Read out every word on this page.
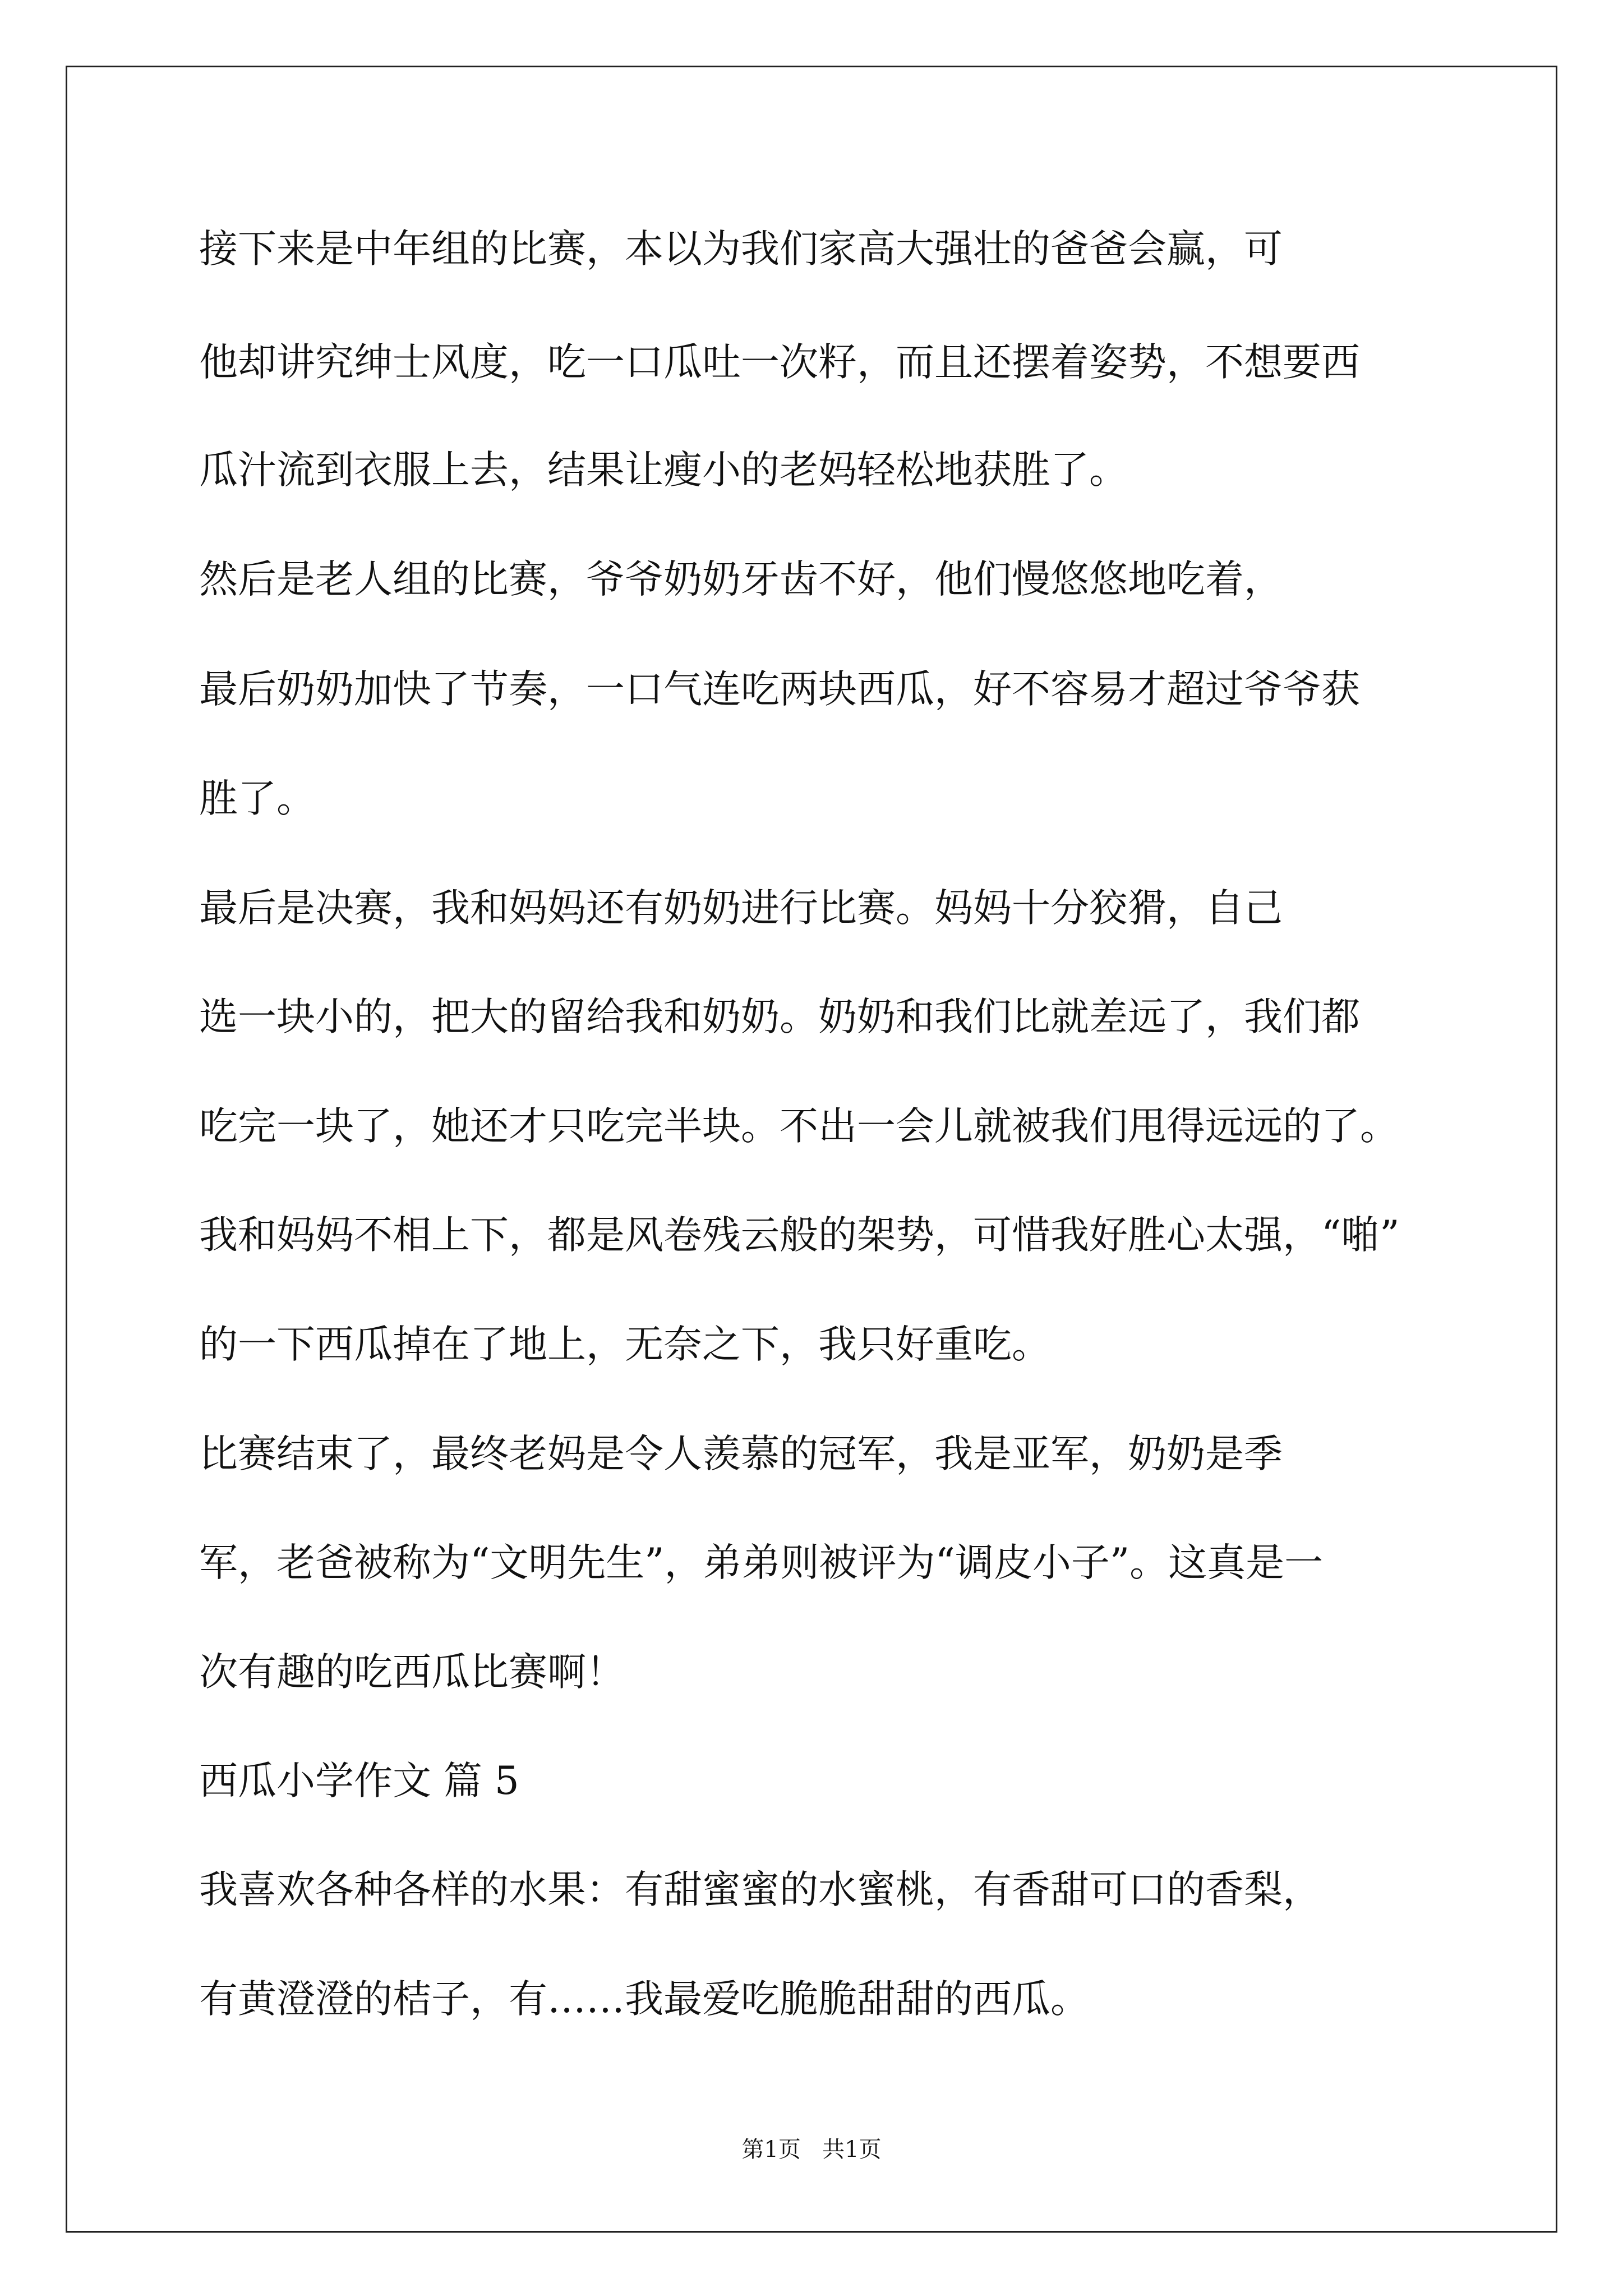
接下来是中年组的比赛，本以为我们家高大强壮的爸爸会赢，可

他却讲究绅士风度，吃一口瓜吐一次籽，而且还摆着姿势，不想要西

瓜汁流到衣服上去，结果让瘦小的老妈轻松地获胜了。

然后是老人组的比赛，爷爷奶奶牙齿不好，他们慢悠悠地吃着，

最后奶奶加快了节奏，一口气连吃两块西瓜，好不容易才超过爷爷获

胜了。

最后是决赛，我和妈妈还有奶奶进行比赛。妈妈十分狡猾，自己

选一块小的，把大的留给我和奶奶。奶奶和我们比就差远了，我们都

吃完一块了，她还才只吃完半块。不出一会儿就被我们甩得远远的了。

我和妈妈不相上下，都是风卷残云般的架势，可惜我好胜心太强，“啪”

的一下西瓜掉在了地上，无奈之下，我只好重吃。

比赛结束了，最终老妈是令人羡慕的冠军，我是亚军，奶奶是季

军，老爸被称为“文明先生”，弟弟则被评为“调皮小子”。这真是一

次有趣的吃西瓜比赛啊！

西瓜小学作文 篇 5

我喜欢各种各样的水果：有甜蜜蜜的水蜜桃，有香甜可口的香梨，

有黄澄澄的桔子，有……我最爱吃脆脆甜甜的西瓜。

第1页 共1页
